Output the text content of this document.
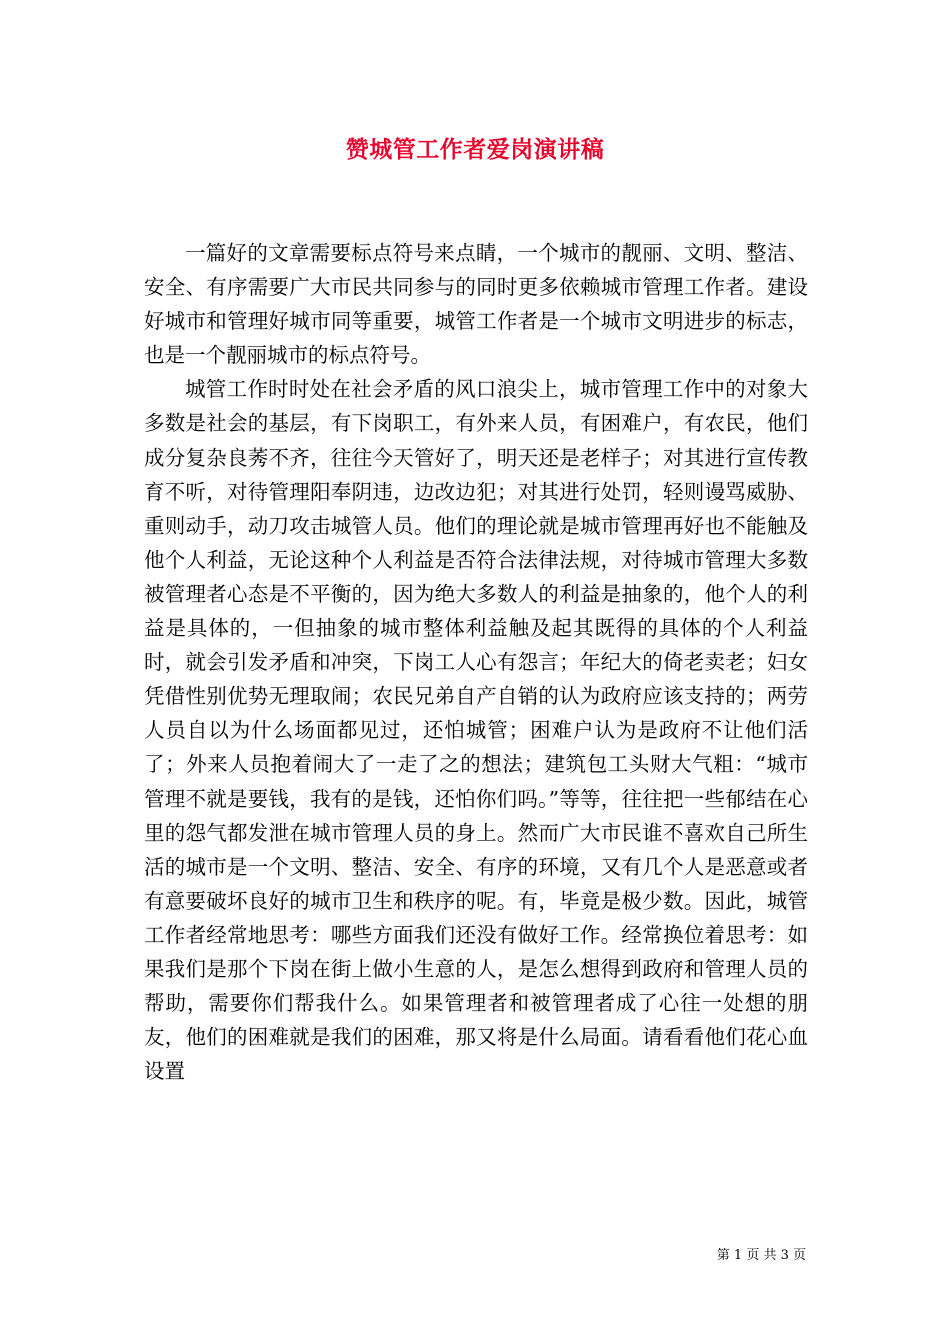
赞城管工作者爱岗演讲稿

一篇好的文章需要标点符号来点睛，一个城市的靓丽、文明、整洁、安全、有序需要广大市民共同参与的同时更多依赖城市管理工作者。建设好城市和管理好城市同等重要，城管工作者是一个城市文明进步的标志，也是一个靓丽城市的标点符号。

城管工作时时处在社会矛盾的风口浪尖上，城市管理工作中的对象大多数是社会的基层，有下岗职工，有外来人员，有困难户，有农民，他们成分复杂良莠不齐，往往今天管好了，明天还是老样子；对其进行宣传教育不听，对待管理阳奉阴违，边改边犯；对其进行处罚，轻则谩骂威胁、重则动手，动刀攻击城管人员。他们的理论就是城市管理再好也不能触及他个人利益，无论这种个人利益是否符合法律法规，对待城市管理大多数被管理者心态是不平衡的，因为绝大多数人的利益是抽象的，他个人的利益是具体的，一但抽象的城市整体利益触及起其既得的具体的个人利益时，就会引发矛盾和冲突，下岗工人心有怨言；年纪大的倚老卖老；妇女凭借性别优势无理取闹；农民兄弟自产自销的认为政府应该支持的；两劳人员自以为什么场面都见过，还怕城管；困难户认为是政府不让他们活了；外来人员抱着闹大了一走了之的想法；建筑包工头财大气粗：“城市管理不就是要钱，我有的是钱，还怕你们吗。”等等，往往把一些郁结在心里的怨气都发泄在城市管理人员的身上。然而广大市民谁不喜欢自己所生活的城市是一个文明、整洁、安全、有序的环境，又有几个人是恶意或者有意要破坏良好的城市卫生和秩序的呢。有，毕竟是极少数。因此，城管工作者经常地思考：哪些方面我们还没有做好工作。经常换位着思考：如果我们是那个下岗在街上做小生意的人，是怎么想得到政府和管理人员的帮助，需要你们帮我什么。如果管理者和被管理者成了心往一处想的朋友，他们的困难就是我们的困难，那又将是什么局面。请看看他们花心血设置

第 1 页 共 3 页
